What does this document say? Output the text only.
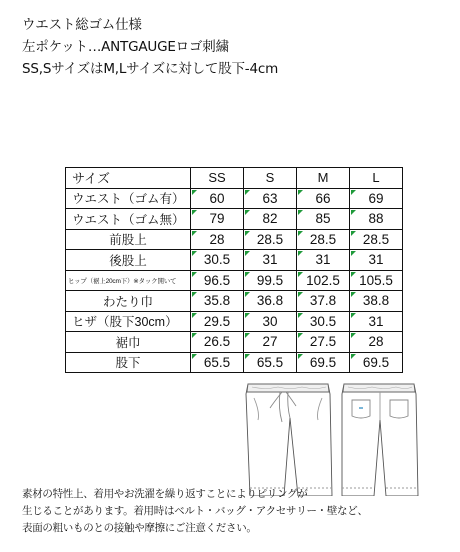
ウエスト総ゴム仕様
左ポケット…ANTGAUGEロゴ刺繍
SS,SサイズはM,Lサイズに対して股下-4cm
サイズ	SS	S	M	L
ウエスト（ゴム有）	60	63	66	69
ウエスト（ゴム無）	79	82	85	88
前股上	28	28.5	28.5	28.5
後股上	30.5	31	31	31
ヒップ（裾上20cm下）※タック開いて	96.5	99.5	102.5	105.5
わたり巾	35.8	36.8	37.8	38.8
ヒザ（股下30cm）	29.5	30	30.5	31
裾巾	26.5	27	27.5	28
股下	65.5	65.5	69.5	69.5
素材の特性上、着用やお洗濯を繰り返すことによりピリングが
生じることがあります。着用時はベルト・バッグ・アクセサリー・壁など、
表面の粗いものとの接触や摩擦にご注意ください。
